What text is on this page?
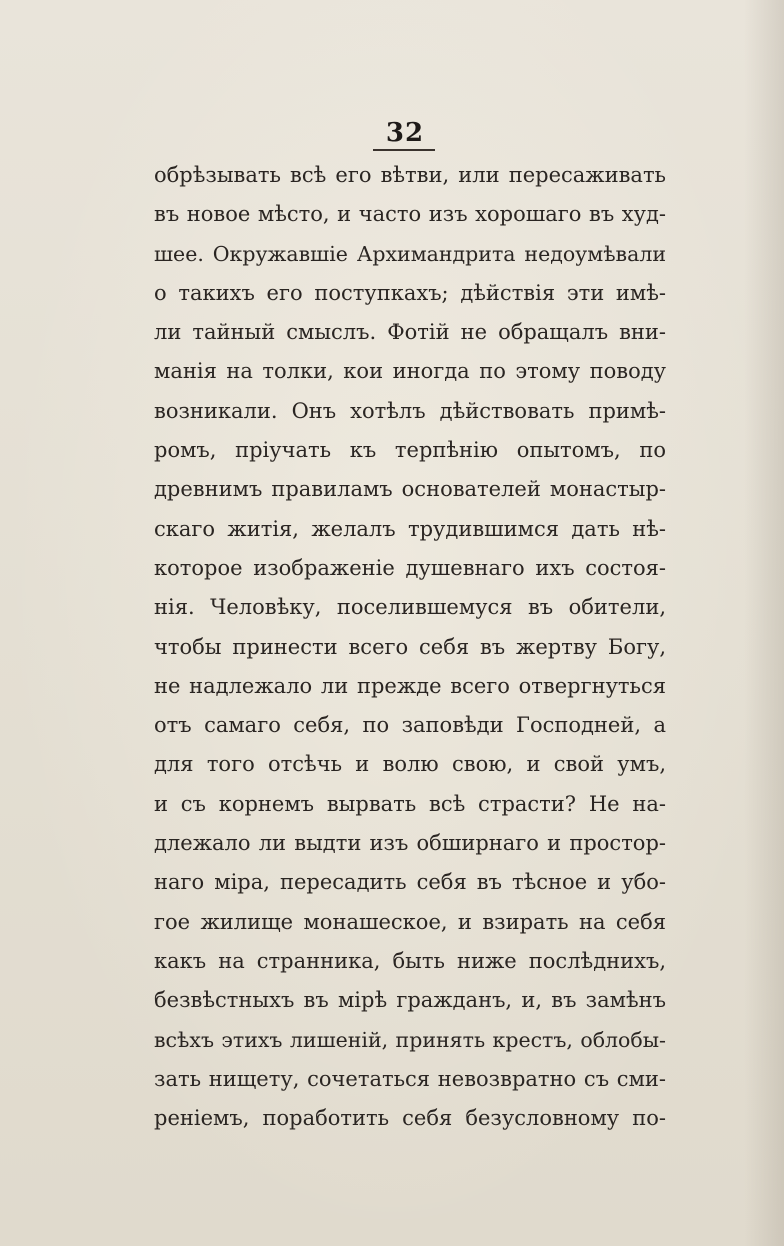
32
обрѣзывать всѣ его вѣтви, или пересаживать
въ новое мѣсто, и часто изъ хорошаго въ худ-
шее. Окружавшіе Архимандрита недоумѣвали
о такихъ его поступкахъ; дѣйствія эти имѣ-
ли тайный смыслъ. Фотій не обращалъ вни-
манія на толки, кои иногда по этому поводу
возникали. Онъ хотѣлъ дѣйствовать примѣ-
ромъ, пріучать къ терпѣнію опытомъ, по
древнимъ правиламъ основателей монастыр-
скаго житія, желалъ трудившимся дать нѣ-
которое изображеніе душевнаго ихъ состоя-
нія. Человѣку, поселившемуся въ обители,
чтобы принести всего себя въ жертву Богу,
не надлежало ли прежде всего отвергнуться
отъ самаго себя, по заповѣди Господней, а
для того отсѣчь и волю свою, и свой умъ,
и съ корнемъ вырвать всѣ страсти? Не на-
длежало ли выдти изъ обширнаго и простор-
наго міра, пересадить себя въ тѣсное и убо-
гое жилище монашеское, и взирать на себя
какъ на странника, быть ниже послѣднихъ,
безвѣстныхъ въ мірѣ гражданъ, и, въ замѣнъ
всѣхъ этихъ лишеній, принять крестъ, облобы-
зать нищету, сочетаться невозвратно съ сми-
реніемъ, поработить себя безусловному по-
